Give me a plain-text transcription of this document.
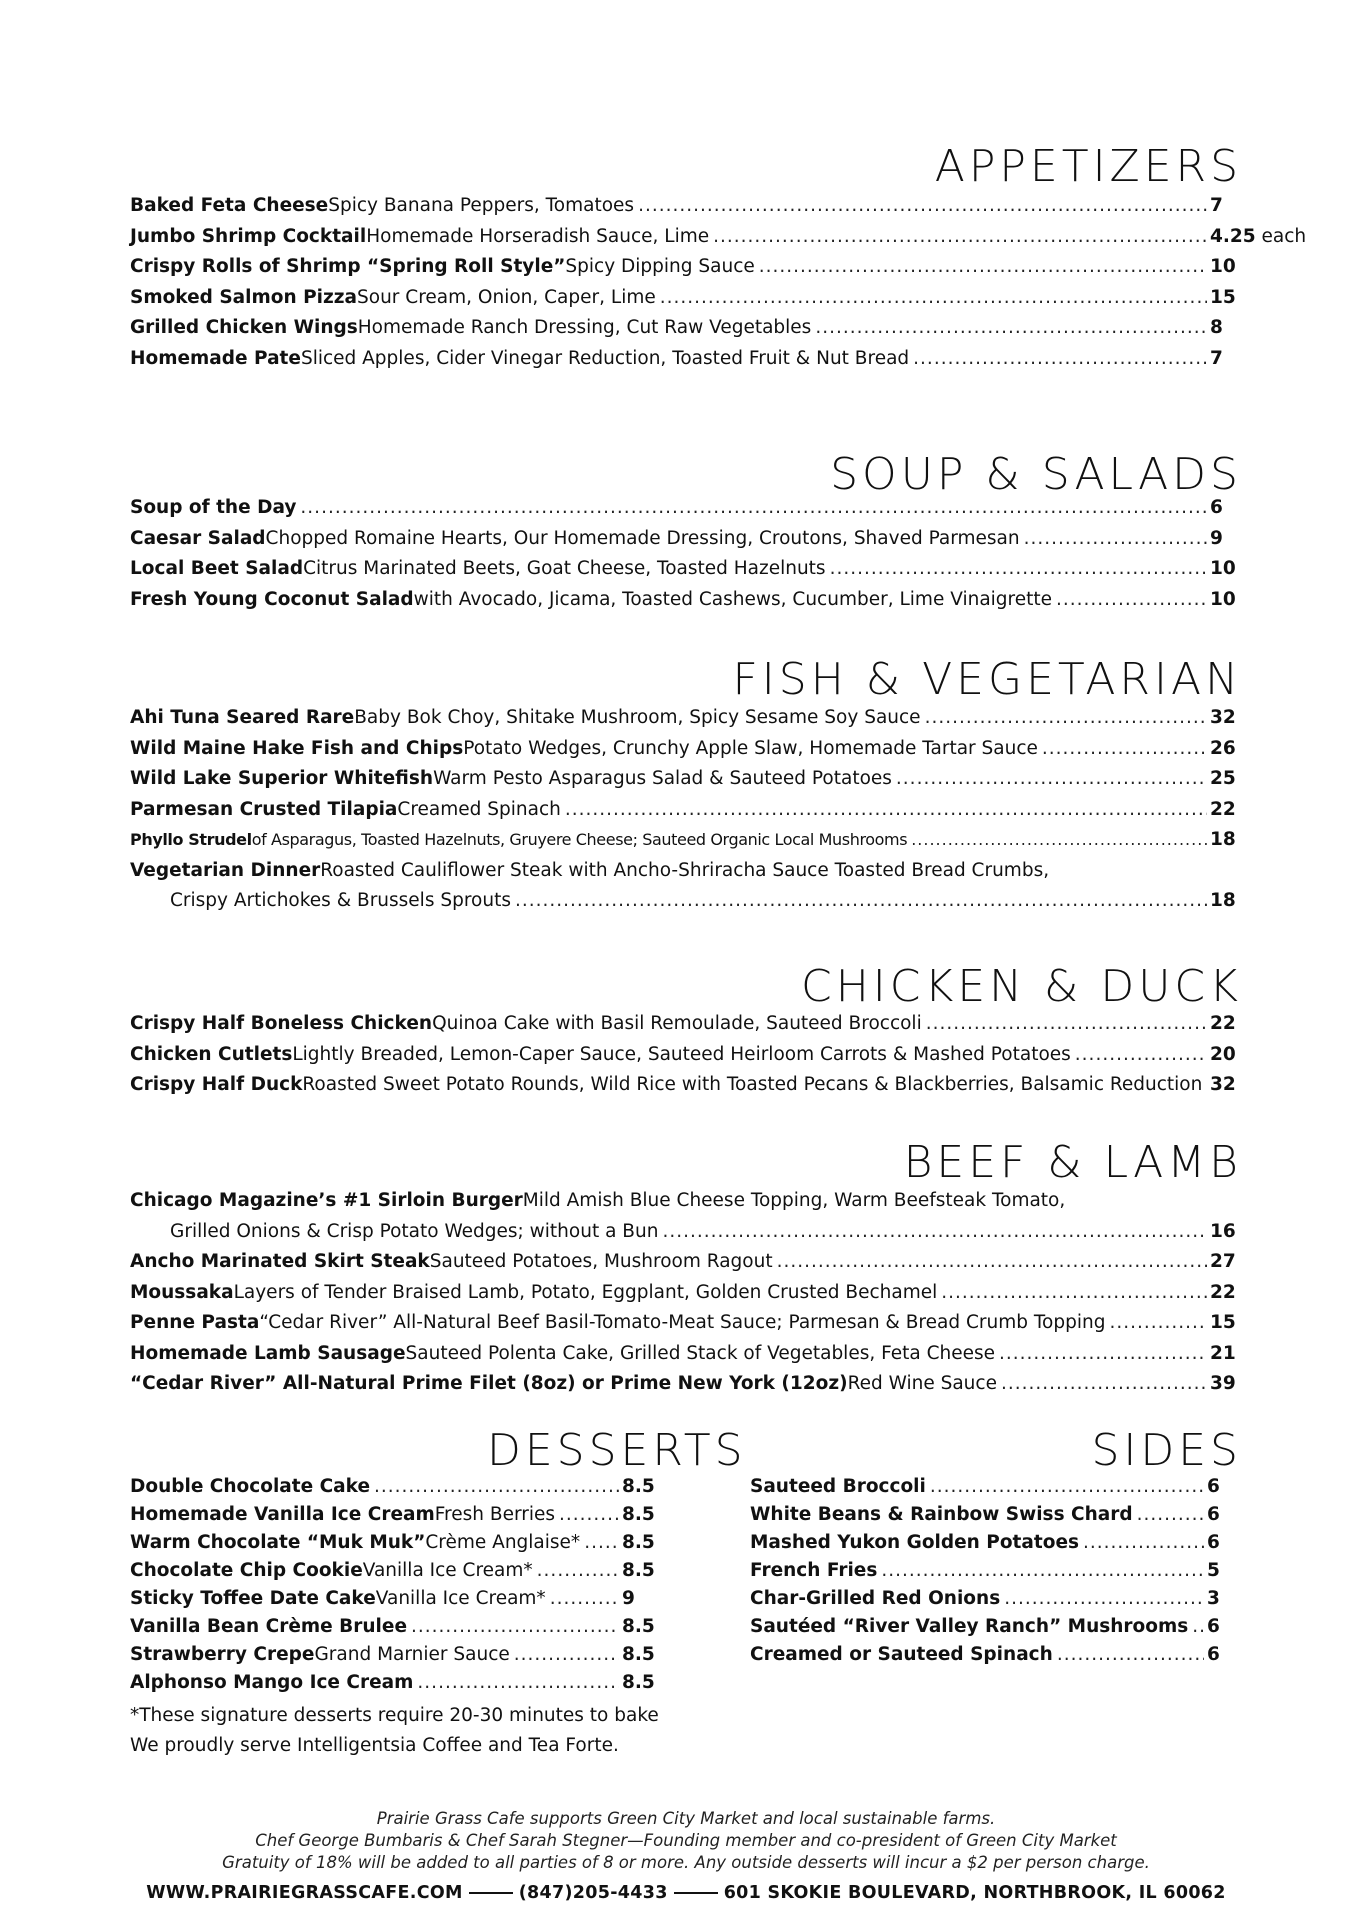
APPETIZERS
Baked Feta Cheese Spicy Banana Peppers, Tomatoes .....	7
Jumbo Shrimp Cocktail Homemade Horseradish Sauce, Lime .....	4.25 each
Crispy Rolls of Shrimp “Spring Roll Style” Spicy Dipping Sauce .....	10
Smoked Salmon Pizza Sour Cream, Onion, Caper, Lime .....	15
Grilled Chicken Wings Homemade Ranch Dressing, Cut Raw Vegetables .....	8
Homemade Pate Sliced Apples, Cider Vinegar Reduction, Toasted Fruit & Nut Bread .....	7
SOUP & SALADS
Soup of the Day .....	6
Caesar Salad Chopped Romaine Hearts, Our Homemade Dressing, Croutons, Shaved Parmesan .....	9
Local Beet Salad Citrus Marinated Beets, Goat Cheese, Toasted Hazelnuts .....	10
Fresh Young Coconut Salad with Avocado, Jicama, Toasted Cashews, Cucumber, Lime Vinaigrette .....	10
FISH & VEGETARIAN
Ahi Tuna Seared Rare Baby Bok Choy, Shitake Mushroom, Spicy Sesame Soy Sauce .....	32
Wild Maine Hake Fish and Chips Potato Wedges, Crunchy Apple Slaw, Homemade Tartar Sauce .....	26
Wild Lake Superior Whitefish Warm Pesto Asparagus Salad & Sauteed Potatoes .....	25
Parmesan Crusted Tilapia Creamed Spinach .....	22
Phyllo Strudel of Asparagus, Toasted Hazelnuts, Gruyere Cheese; Sauteed Organic Local Mushrooms .....	18
Vegetarian Dinner Roasted Cauliflower Steak with Ancho-Shriracha Sauce Toasted Bread Crumbs,
Crispy Artichokes & Brussels Sprouts .....	18
CHICKEN & DUCK
Crispy Half Boneless Chicken Quinoa Cake with Basil Remoulade, Sauteed Broccoli .....	22
Chicken Cutlets Lightly Breaded, Lemon-Caper Sauce, Sauteed Heirloom Carrots & Mashed Potatoes .....	20
Crispy Half Duck Roasted Sweet Potato Rounds, Wild Rice with Toasted Pecans & Blackberries, Balsamic Reduction ..... 32
BEEF & LAMB
Chicago Magazine’s #1 Sirloin Burger Mild Amish Blue Cheese Topping, Warm Beefsteak Tomato,
Grilled Onions & Crisp Potato Wedges; without a Bun .....	16
Ancho Marinated Skirt Steak Sauteed Potatoes, Mushroom Ragout .....	27
Moussaka Layers of Tender Braised Lamb, Potato, Eggplant, Golden Crusted Bechamel .....	22
Penne Pasta “Cedar River” All-Natural Beef Basil-Tomato-Meat Sauce; Parmesan & Bread Crumb Topping .....	15
Homemade Lamb Sausage Sauteed Polenta Cake, Grilled Stack of Vegetables, Feta Cheese .....	21
“Cedar River” All-Natural Prime Filet (8oz) or Prime New York (12oz) Red Wine Sauce .....	39
DESSERTS
Double Chocolate Cake .....	8.5
Homemade Vanilla Ice Cream Fresh Berries .....	8.5
Warm Chocolate “Muk Muk” Crème Anglaise* ..... 8.5
Chocolate Chip Cookie Vanilla Ice Cream* .....	8.5
Sticky Toffee Date Cake Vanilla Ice Cream* .....	9
Vanilla Bean Crème Brulee .....	8.5
Strawberry Crepe Grand Marnier Sauce .....	8.5
Alphonso Mango Ice Cream .....	8.5
*These signature desserts require 20-30 minutes to bake
We proudly serve Intelligentsia Coffee and Tea Forte.
SIDES
Sauteed Broccoli .....	6
White Beans & Rainbow Swiss Chard .....	6
Mashed Yukon Golden Potatoes .....	6
French Fries .....	5
Char-Grilled Red Onions .....	3
Sautéed “River Valley Ranch” Mushrooms ..... 6
Creamed or Sauteed Spinach .....	6
Prairie Grass Cafe supports Green City Market and local sustainable farms.
Chef George Bumbaris & Chef Sarah Stegner—Founding member and co-president of Green City Market
Gratuity of 18% will be added to all parties of 8 or more. Any outside desserts will incur a $2 per person charge.
WWW.PRAIRIEGRASSCAFE.COM	(847)205-4433	601 SKOKIE BOULEVARD, NORTHBROOK, IL 60062
